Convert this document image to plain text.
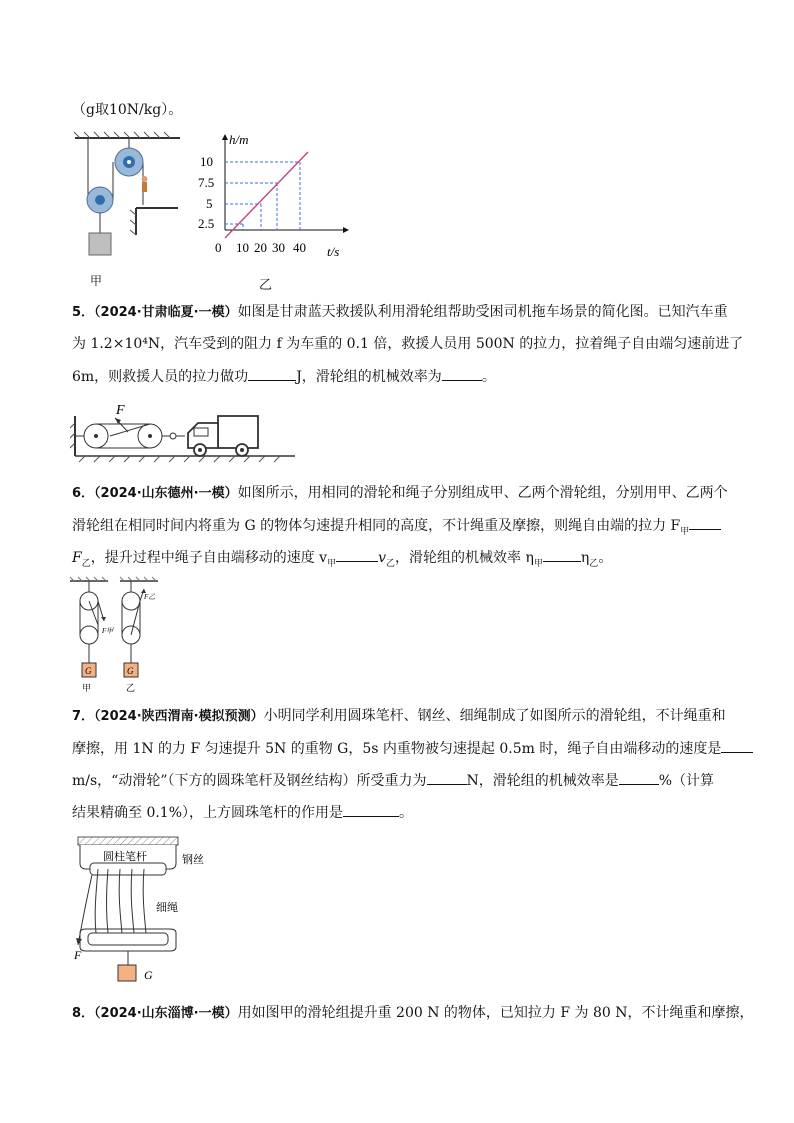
（g取10N/kg）。
甲
h/m
t/s
0
2.5
5
7.5
10
10 20 30 40
乙
5．（2024·甘肃临夏·一模）如图是甘肃蓝天救援队利用滑轮组帮助受困司机拖车场景的简化图。已知汽车重
为 1.2×10⁴N，汽车受到的阻力 f 为车重的 0.1 倍，救援人员用 500N 的拉力，拉着绳子自由端匀速前进了
6m，则救援人员的拉力做功	J，滑轮组的机械效率为	。
F
6．（2024·山东德州·一模）如图所示，用相同的滑轮和绳子分别组成甲、乙两个滑轮组，分别用甲、乙两个
滑轮组在相同时间内将重为 G 的物体匀速提升相同的高度，不计绳重及摩擦，则绳自由端的拉力 $F_甲$
$F_乙$，提升过程中绳子自由端移动的速度 $v_甲$	$v_乙$，滑轮组的机械效率 $\eta_甲$	$\eta_乙$。
G	G
F甲
F乙
甲	乙
7．（2024·陕西渭南·模拟预测）小明同学利用圆珠笔杆、钢丝、细绳制成了如图所示的滑轮组，不计绳重和
摩擦，用 1N 的力 F 匀速提升 5N 的重物 G，5s 内重物被匀速提起 0.5m 时，绳子自由端移动的速度是
m/s，“动滑轮”（下方的圆珠笔杆及钢丝结构）所受重力为	N，滑轮组的机械效率是	%（计算
结果精确至 0.1%），上方圆珠笔杆的作用是	。
圆柱笔杆	钢丝
细绳
F
G
8．（2024·山东淄博·一模）用如图甲的滑轮组提升重 200 N 的物体，已知拉力 F 为 80 N，不计绳重和摩擦，
